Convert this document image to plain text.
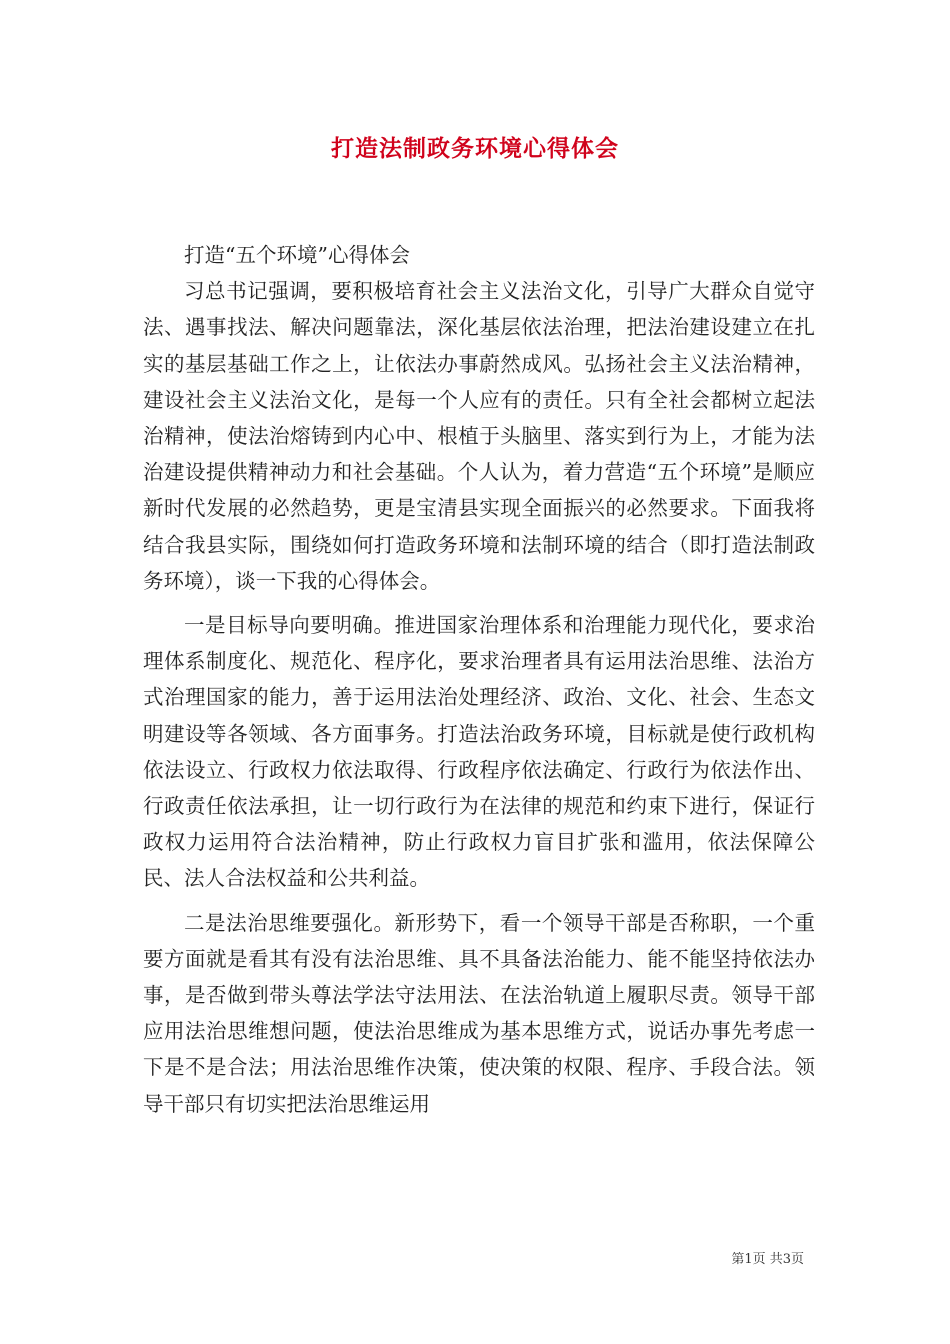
打造法制政务环境心得体会

打造“五个环境”心得体会

习总书记强调，要积极培育社会主义法治文化，引导广大群众自觉守法、遇事找法、解决问题靠法，深化基层依法治理，把法治建设建立在扎实的基层基础工作之上，让依法办事蔚然成风。弘扬社会主义法治精神，建设社会主义法治文化，是每一个人应有的责任。只有全社会都树立起法治精神，使法治熔铸到内心中、根植于头脑里、落实到行为上，才能为法治建设提供精神动力和社会基础。个人认为，着力营造“五个环境”是顺应新时代发展的必然趋势，更是宝清县实现全面振兴的必然要求。下面我将结合我县实际，围绕如何打造政务环境和法制环境的结合（即打造法制政务环境），谈一下我的心得体会。

一是目标导向要明确。推进国家治理体系和治理能力现代化，要求治理体系制度化、规范化、程序化，要求治理者具有运用法治思维、法治方式治理国家的能力，善于运用法治处理经济、政治、文化、社会、生态文明建设等各领域、各方面事务。打造法治政务环境，目标就是使行政机构依法设立、行政权力依法取得、行政程序依法确定、行政行为依法作出、行政责任依法承担，让一切行政行为在法律的规范和约束下进行，保证行政权力运用符合法治精神，防止行政权力盲目扩张和滥用，依法保障公民、法人合法权益和公共利益。

二是法治思维要强化。新形势下，看一个领导干部是否称职，一个重要方面就是看其有没有法治思维、具不具备法治能力、能不能坚持依法办事，是否做到带头尊法学法守法用法、在法治轨道上履职尽责。领导干部应用法治思维想问题，使法治思维成为基本思维方式，说话办事先考虑一下是不是合法；用法治思维作决策，使决策的权限、程序、手段合法。领导干部只有切实把法治思维运用

第1页 共3页
